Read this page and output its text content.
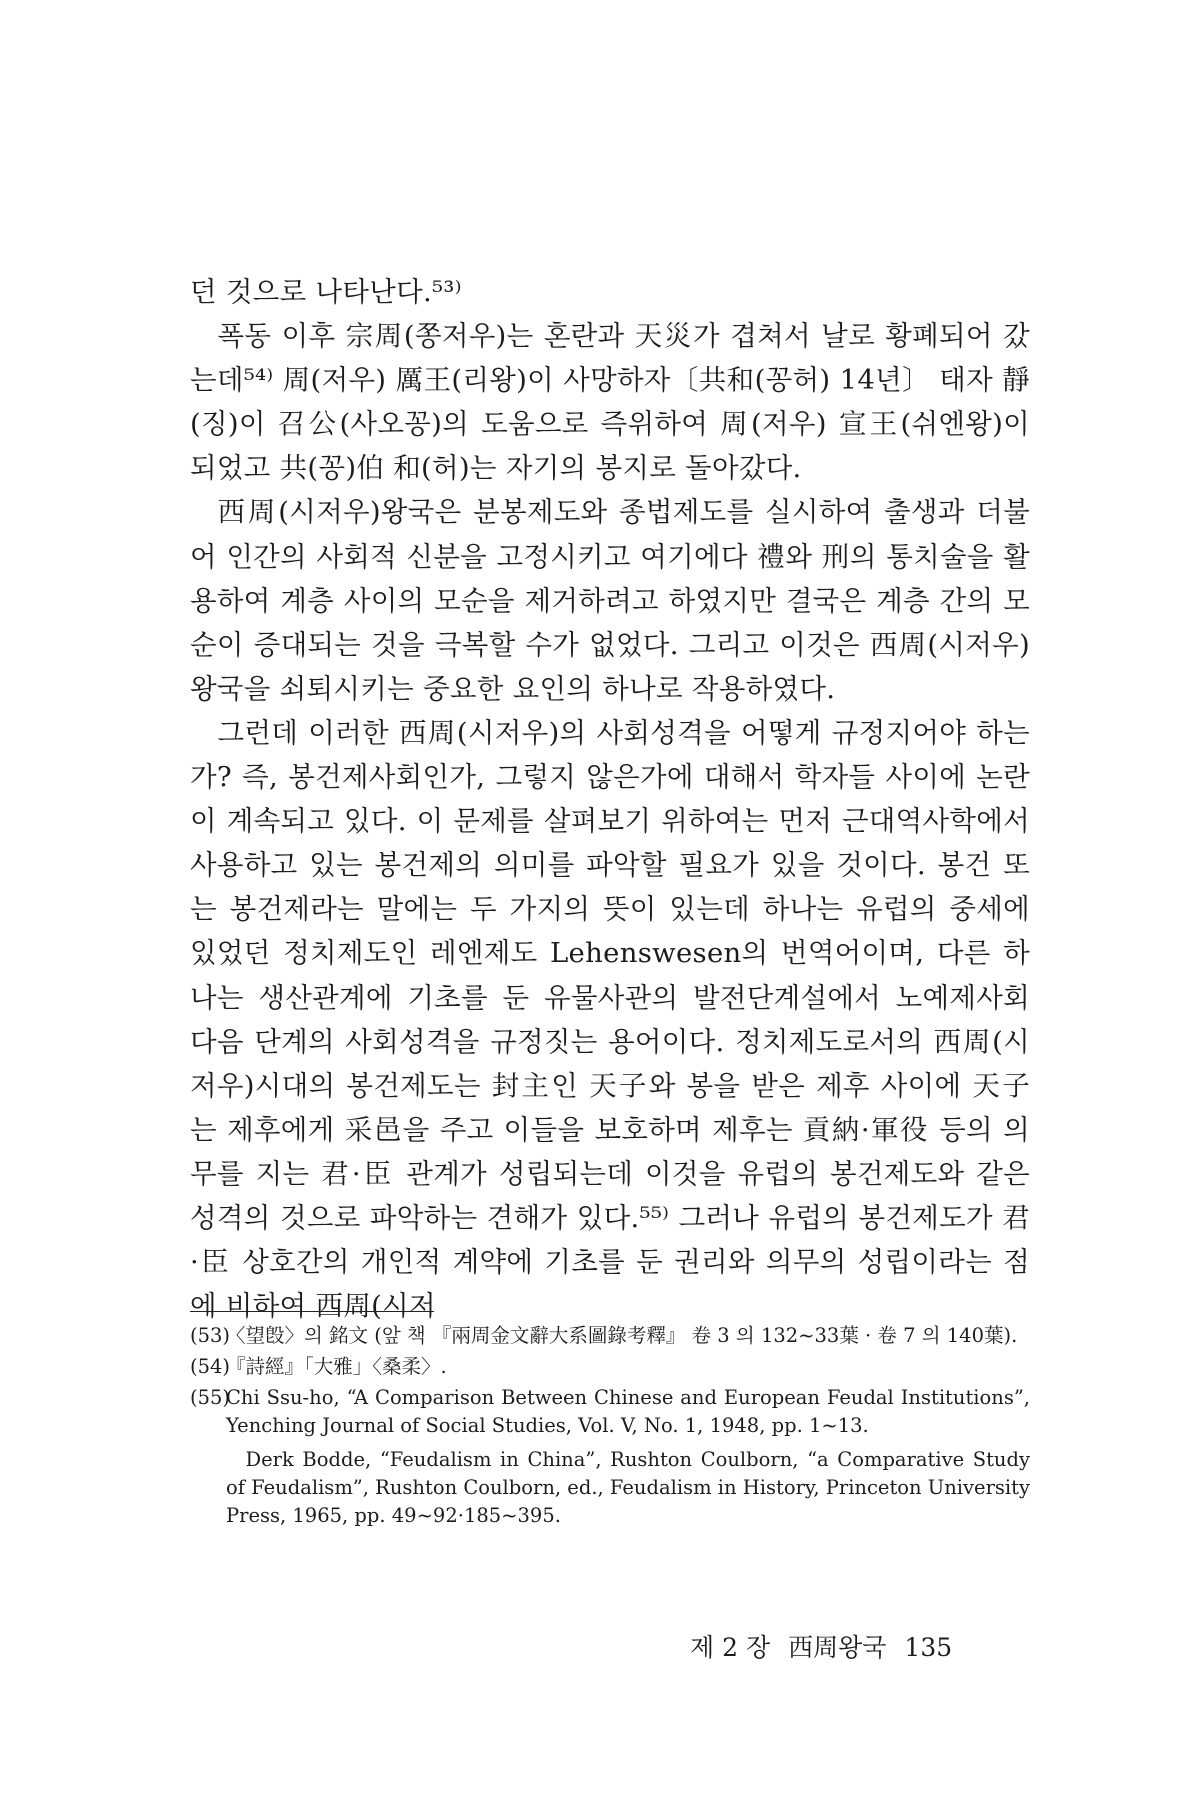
던 것으로 나타난다.⁵³⁾

폭동 이후 宗周(쫑저우)는 혼란과 天災가 겹쳐서 날로 황폐되어 갔는데⁵⁴⁾ 周(저우) 厲王(리왕)이 사망하자〔共和(꽁허) 14년〕 태자 靜(징)이 召公(사오꽁)의 도움으로 즉위하여 周(저우) 宣王(쉬엔왕)이 되었고 共(꽁)伯 和(허)는 자기의 봉지로 돌아갔다.

西周(시저우)왕국은 분봉제도와 종법제도를 실시하여 출생과 더불어 인간의 사회적 신분을 고정시키고 여기에다 禮와 刑의 통치술을 활용하여 계층 사이의 모순을 제거하려고 하였지만 결국은 계층 간의 모순이 증대되는 것을 극복할 수가 없었다. 그리고 이것은 西周(시저우)왕국을 쇠퇴시키는 중요한 요인의 하나로 작용하였다.

그런데 이러한 西周(시저우)의 사회성격을 어떻게 규정지어야 하는가? 즉, 봉건제사회인가, 그렇지 않은가에 대해서 학자들 사이에 논란이 계속되고 있다. 이 문제를 살펴보기 위하여는 먼저 근대역사학에서 사용하고 있는 봉건제의 의미를 파악할 필요가 있을 것이다. 봉건 또는 봉건제라는 말에는 두 가지의 뜻이 있는데 하나는 유럽의 중세에 있었던 정치제도인 레엔제도 Lehenswesen의 번역어이며, 다른 하나는 생산관계에 기초를 둔 유물사관의 발전단계설에서 노예제사회 다음 단계의 사회성격을 규정짓는 용어이다. 정치제도로서의 西周(시저우)시대의 봉건제도는 封主인 天子와 봉을 받은 제후 사이에 天子는 제후에게 采邑을 주고 이들을 보호하며 제후는 貢納·軍役 등의 의무를 지는 君·臣 관계가 성립되는데 이것을 유럽의 봉건제도와 같은 성격의 것으로 파악하는 견해가 있다.⁵⁵⁾ 그러나 유럽의 봉건제도가 君·臣 상호간의 개인적 계약에 기초를 둔 권리와 의무의 성립이라는 점에 비하여 西周(시저

(53)

〈望𣪘〉의 銘文 (앞 책 『兩周金文辭大系圖錄考釋』 卷 3 의 132~33葉 · 卷 7 의 140葉).

(54)

『詩經』「大雅」〈桑柔〉.

(55)

Chi Ssu-ho, “A Comparison Between Chinese and European Feudal Institutions”, Yenching Journal of Social Studies, Vol. V, No. 1, 1948, pp. 1~13.

Derk Bodde, “Feudalism in China”, Rushton Coulborn, “a Comparative Study of Feudalism”, Rushton Coulborn, ed., Feudalism in History, Princeton University Press, 1965, pp. 49~92·185~395.

제 2 장 西周왕국 135
